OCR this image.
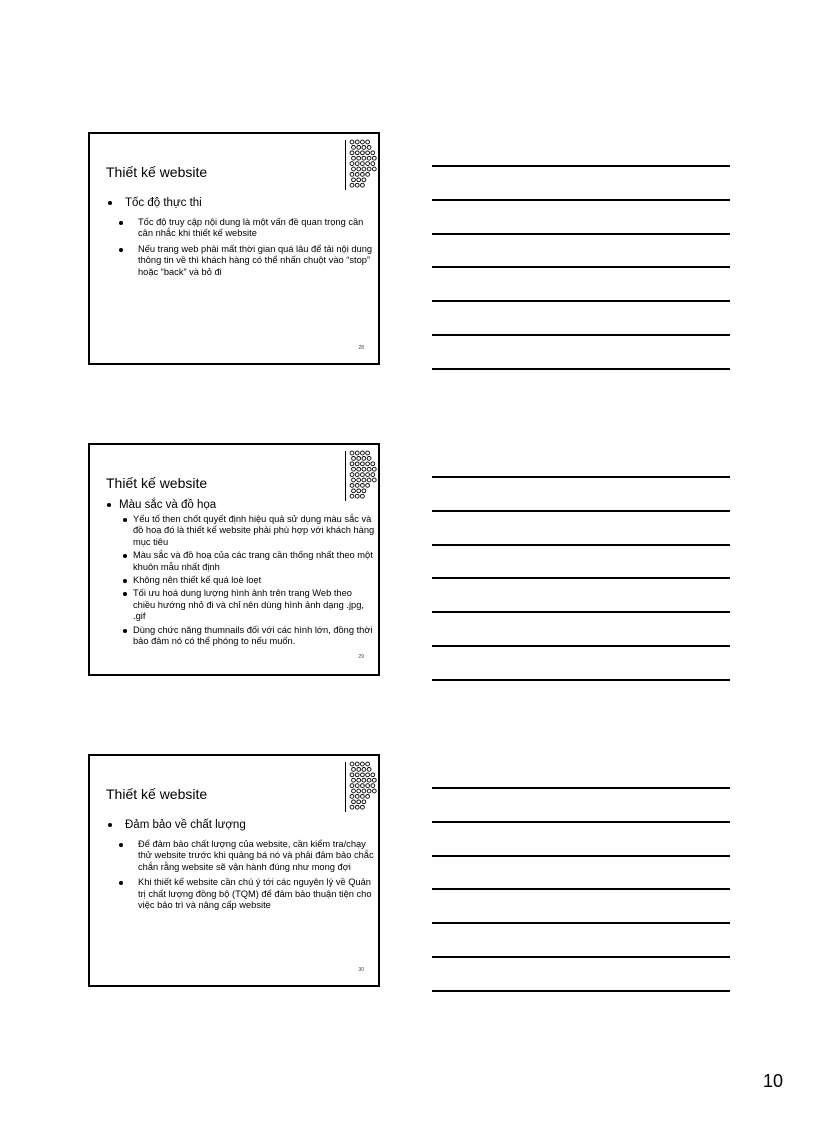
Thiết kế website
Tốc độ thực thi
Tốc độ truy cập nội dung là một vấn đề quan trọng cần cân nhắc khi thiết kế website
Nếu trang web phải mất thời gian quá lâu để tải nội dung thông tin về thì khách hàng có thể nhấn chuột vào “stop” hoặc “back” và bỏ đi
28
Thiết kế website
Màu sắc và đồ họa
Yếu tố then chốt quyết định hiệu quả sử dụng màu sắc và đồ hoạ đó là thiết kế website phải phù hợp với khách hàng mục tiêu
Màu sắc và đồ hoạ của các trang cần thống nhất theo một khuôn mẫu nhất định
Không nên thiết kế quá loè loẹt
Tối ưu hoá dung lượng hình ảnh trên trang Web theo chiều hướng nhỏ đi và chỉ nên dùng hình ảnh dạng .jpg, .gif
Dùng chức năng thumnails đối với các hình lớn, đồng thời bảo đảm nó có thể phóng to nếu muốn.
29
Thiết kế website
Đảm bảo về chất lượng
Để đảm bảo chất lượng của website, cần kiểm tra/chạy thử website trước khi quảng bá nó và phải đảm bảo chắc chắn rằng website sẽ vận hành đúng như mong đợi
Khi thiết kế website cần chú ý tới các nguyên lý về Quản trị chất lượng đồng bộ (TQM) để đảm bảo thuận tiện cho việc bảo trì và nâng cấp website
30
10
